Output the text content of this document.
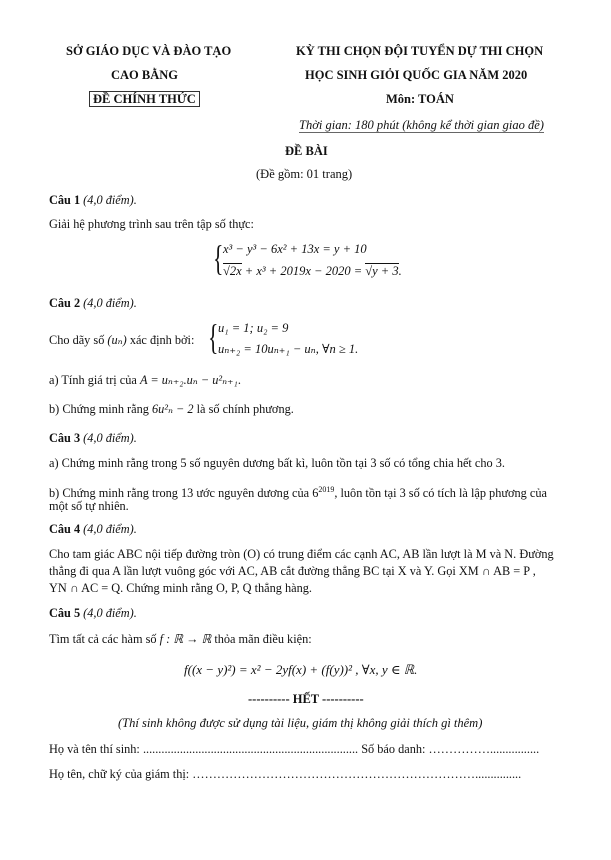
SỞ GIÁO DỤC VÀ ĐÀO TẠO
CAO BẰNG
ĐỀ CHÍNH THỨC
KỲ THI CHỌN ĐỘI TUYỂN DỰ THI CHỌN
HỌC SINH GIỎI QUỐC GIA NĂM 2020
Môn: TOÁN
Thời gian: 180 phút (không kể thời gian giao đề)
ĐỀ BÀI
(Đề gồm: 01 trang)
Câu 1 (4,0 điểm).
Giải hệ phương trình sau trên tập số thực:
{ x³ − y³ − 6x² + 13x = y + 10
√2x + x³ + 2019x − 2020 = √y + 3.
Câu 2 (4,0 điểm).
Cho dãy số (uₙ) xác định bởi: { u₁ = 1; u₂ = 9
uₙ₊₂ = 10uₙ₊₁ − uₙ, ∀n ≥ 1.
a) Tính giá trị của A = uₙ₊₂.uₙ − u²ₙ₊₁.
b) Chứng minh rằng 6u²ₙ − 2 là số chính phương.
Câu 3 (4,0 điểm).
a) Chứng minh rằng trong 5 số nguyên dương bất kì, luôn tồn tại 3 số có tổng chia hết cho 3.
b) Chứng minh rằng trong 13 ước nguyên dương của $6^{2019}$, luôn tồn tại 3 số có tích là lập phương của
một số tự nhiên.
Câu 4 (4,0 điểm).
Cho tam giác ABC nội tiếp đường tròn (O) có trung điểm các cạnh AC, AB lần lượt là M và N. Đường
thẳng đi qua A lần lượt vuông góc với AC, AB cắt đường thẳng BC tại X và Y. Gọi XM ∩ AB = P ,
YN ∩ AC = Q. Chứng minh rằng O, P, Q thẳng hàng.
Câu 5 (4,0 điểm).
Tìm tất cả các hàm số f : ℝ → ℝ thỏa mãn điều kiện:
f((x − y)²) = x² − 2yf(x) + (f(y))² , ∀x, y ∈ ℝ.
---------- HẾT ----------
(Thí sinh không được sử dụng tài liệu, giám thị không giải thích gì thêm)
Họ và tên thí sinh: ...................................................................... Số báo danh: ……………................
Họ tên, chữ ký của giám thị: ……………………………………………………………...............
